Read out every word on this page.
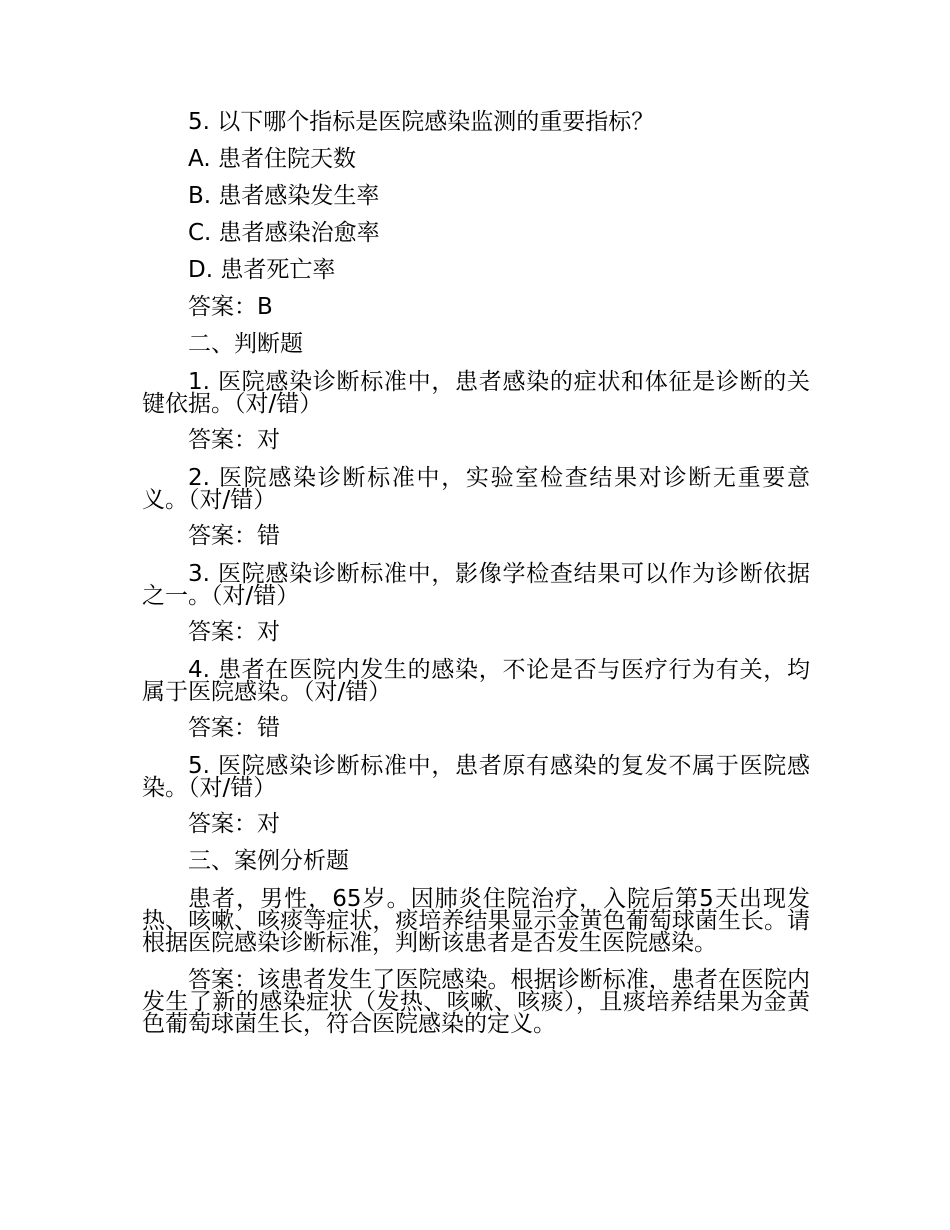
5. 以下哪个指标是医院感染监测的重要指标？
A. 患者住院天数
B. 患者感染发生率
C. 患者感染治愈率
D. 患者死亡率
答案：B
二、判断题
1. 医院感染诊断标准中，患者感染的症状和体征是诊断的关键依据。（对/错）
答案：对
2. 医院感染诊断标准中，实验室检查结果对诊断无重要意义。（对/错）
答案：错
3. 医院感染诊断标准中，影像学检查结果可以作为诊断依据之一。（对/错）
答案：对
4. 患者在医院内发生的感染，不论是否与医疗行为有关，均属于医院感染。（对/错）
答案：错
5. 医院感染诊断标准中，患者原有感染的复发不属于医院感染。（对/错）
答案：对
三、案例分析题
患者，男性，65岁。因肺炎住院治疗，入院后第5天出现发热、咳嗽、咳痰等症状，痰培养结果显示金黄色葡萄球菌生长。请根据医院感染诊断标准，判断该患者是否发生医院感染。
答案：该患者发生了医院感染。根据诊断标准，患者在医院内发生了新的感染症状（发热、咳嗽、咳痰），且痰培养结果为金黄色葡萄球菌生长，符合医院感染的定义。
